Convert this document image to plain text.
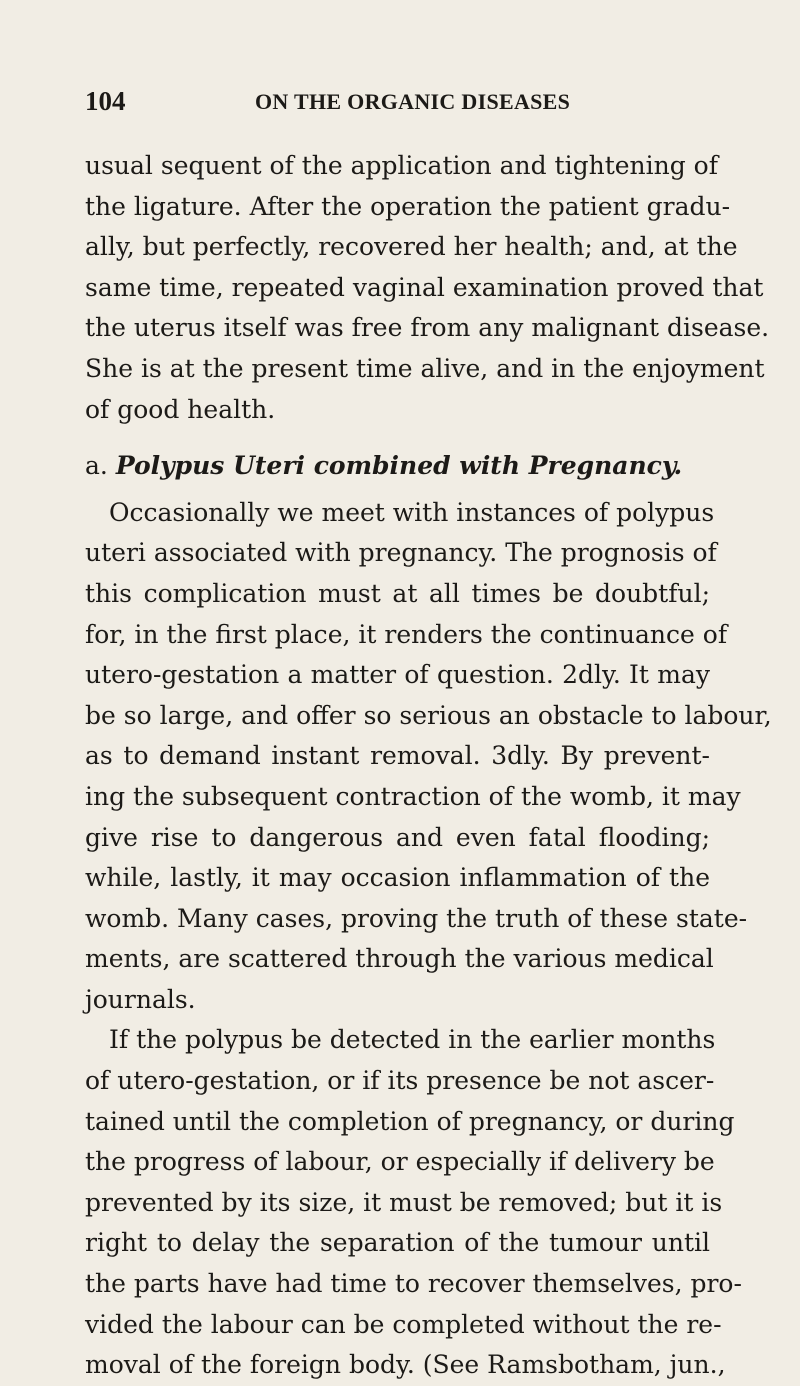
104	ON THE ORGANIC DISEASES
usual sequent of the application and tightening of
the ligature. After the operation the patient gradu-
ally, but perfectly, recovered her health; and, at the
same time, repeated vaginal examination proved that
the uterus itself was free from any malignant disease.
She is at the present time alive, and in the enjoyment
of good health.
a. Polypus Uteri combined with Pregnancy.
Occasionally we meet with instances of polypus
uteri associated with pregnancy. The prognosis of
this complication must at all times be doubtful;
for, in the first place, it renders the continuance of
utero-gestation a matter of question. 2dly. It may
be so large, and offer so serious an obstacle to labour,
as to demand instant removal. 3dly. By prevent-
ing the subsequent contraction of the womb, it may
give rise to dangerous and even fatal flooding;
while, lastly, it may occasion inflammation of the
womb. Many cases, proving the truth of these state-
ments, are scattered through the various medical
journals.
If the polypus be detected in the earlier months
of utero-gestation, or if its presence be not ascer-
tained until the completion of pregnancy, or during
the progress of labour, or especially if delivery be
prevented by its size, it must be removed; but it is
right to delay the separation of the tumour until
the parts have had time to recover themselves, pro-
vided the labour can be completed without the re-
moval of the foreign body. (See Ramsbotham, jun.,
